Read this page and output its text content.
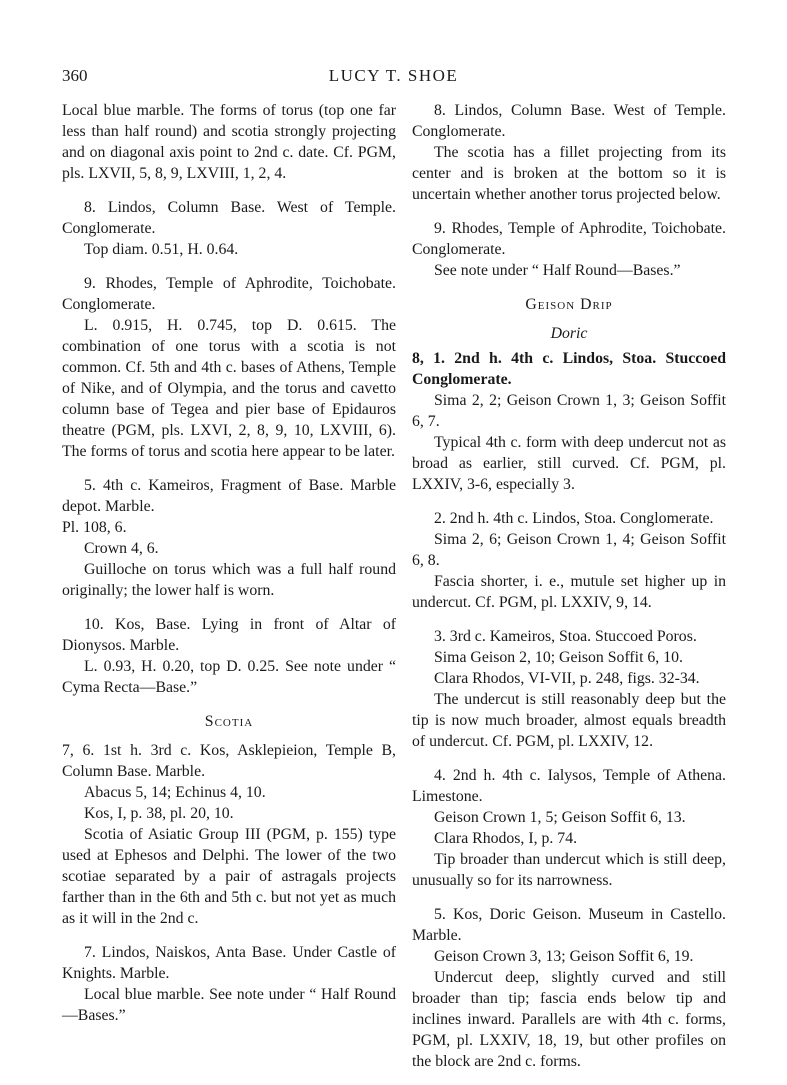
360	LUCY T. SHOE

Local blue marble. The forms of torus (top one far less than half round) and scotia strongly projecting and on diagonal axis point to 2nd c. date. Cf. PGM, pls. LXVII, 5, 8, 9, LXVIII, 1, 2, 4.

8. Lindos, Column Base. West of Temple. Conglomerate.

Top diam. 0.51, H. 0.64.

9. Rhodes, Temple of Aphrodite, Toichobate. Conglomerate.

L. 0.915, H. 0.745, top D. 0.615. The combination of one torus with a scotia is not common. Cf. 5th and 4th c. bases of Athens, Temple of Nike, and of Olympia, and the torus and cavetto column base of Tegea and pier base of Epidauros theatre (PGM, pls. LXVI, 2, 8, 9, 10, LXVIII, 6). The forms of torus and scotia here appear to be later.

5. 4th c. Kameiros, Fragment of Base. Marble depot. Marble.

Pl. 108, 6.

Crown 4, 6.

Guilloche on torus which was a full half round originally; the lower half is worn.

10. Kos, Base. Lying in front of Altar of Dionysos. Marble.

L. 0.93, H. 0.20, top D. 0.25. See note under “ Cyma Recta—Base.”

Scotia

7, 6. 1st h. 3rd c. Kos, Asklepieion, Temple B, Column Base. Marble.

Abacus 5, 14; Echinus 4, 10.

Kos, I, p. 38, pl. 20, 10.

Scotia of Asiatic Group III (PGM, p. 155) type used at Ephesos and Delphi. The lower of the two scotiae separated by a pair of astragals projects farther than in the 6th and 5th c. but not yet as much as it will in the 2nd c.

7. Lindos, Naiskos, Anta Base. Under Castle of Knights. Marble.

Local blue marble. See note under “ Half Round—Bases.”

8. Lindos, Column Base. West of Temple. Conglomerate.

The scotia has a fillet projecting from its center and is broken at the bottom so it is uncertain whether another torus projected below.

9. Rhodes, Temple of Aphrodite, Toichobate. Conglomerate.

See note under “ Half Round—Bases.”

Geison Drip
Doric

8, 1. 2nd h. 4th c. Lindos, Stoa. Stuccoed Conglomerate.

Sima 2, 2; Geison Crown 1, 3; Geison Soffit 6, 7.

Typical 4th c. form with deep undercut not as broad as earlier, still curved. Cf. PGM, pl. LXXIV, 3-6, especially 3.

2. 2nd h. 4th c. Lindos, Stoa. Conglomerate.

Sima 2, 6; Geison Crown 1, 4; Geison Soffit 6, 8.

Fascia shorter, i. e., mutule set higher up in undercut. Cf. PGM, pl. LXXIV, 9, 14.

3. 3rd c. Kameiros, Stoa. Stuccoed Poros.

Sima Geison 2, 10; Geison Soffit 6, 10.

Clara Rhodos, VI-VII, p. 248, figs. 32-34.

The undercut is still reasonably deep but the tip is now much broader, almost equals breadth of undercut. Cf. PGM, pl. LXXIV, 12.

4. 2nd h. 4th c. Ialysos, Temple of Athena. Limestone.

Geison Crown 1, 5; Geison Soffit 6, 13.

Clara Rhodos, I, p. 74.

Tip broader than undercut which is still deep, unusually so for its narrowness.

5. Kos, Doric Geison. Museum in Castello. Marble.

Geison Crown 3, 13; Geison Soffit 6, 19.

Undercut deep, slightly curved and still broader than tip; fascia ends below tip and inclines inward. Parallels are with 4th c. forms, PGM, pl. LXXIV, 18, 19, but other profiles on the block are 2nd c. forms.
